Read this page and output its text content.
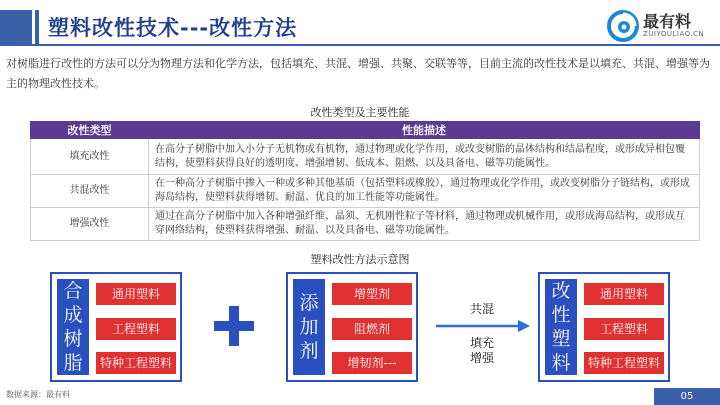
塑料改性技术---改性方法	最有料
ZUIYOULIAO.CN
对树脂进行改性的方法可以分为物理方法和化学方法，包括填充、共混、增强、共聚、交联等等，目前主流的改性技术是以填充、共混、增强等为主的物理改性技术。
改性类型及主要性能
改性类型	性能描述
填充改性	在高分子树脂中加入小分子无机物或有机物，通过物理或化学作用，或改变树脂的晶体结构和结晶程度，或形成异相包覆结构，使塑料获得良好的透明度、增强增韧、低成本、阻燃、以及具备电、磁等功能属性。
共混改性	在一种高分子树脂中掺入一种或多种其他基质（包括塑料或橡胶），通过物理或化学作用，或改变树脂分子链结构，或形成海岛结构，使塑料获得增韧、耐温、优良的加工性能等功能属性。
增强改性	通过在高分子树脂中加入各种增强纤维、晶须、无机刚性粒子等材料，通过物理或机械作用，或形成海岛结构，或形成互穿网络结构，使塑料获得增强、耐温、以及具备电、磁等功能属性。
塑料改性方法示意图
合
成
树
脂
通用塑料
工程塑料
特种工程塑料
添
加
剂
增塑剂
阻燃剂
增韧剂---
共混
填充
增强
改
性
塑
料
通用塑料
工程塑料
特种工程塑料
数据来源：最有料	05
